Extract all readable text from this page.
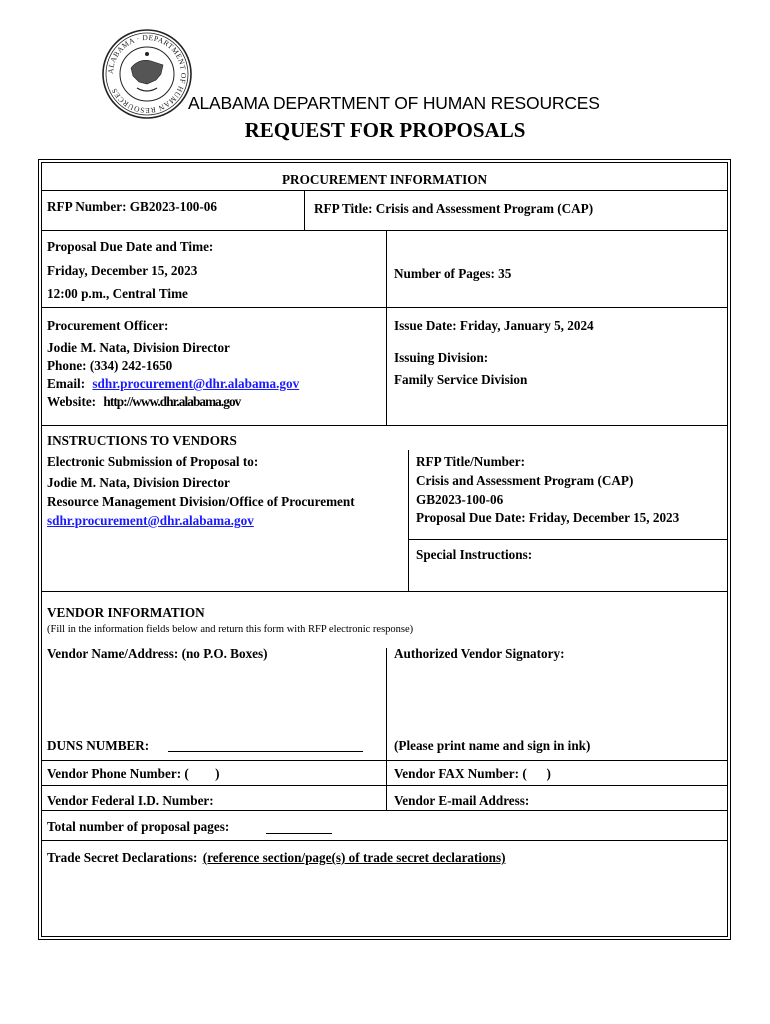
ALABAMA · DEPARTMENT OF HUMAN RESOURCES
ALABAMA DEPARTMENT OF HUMAN RESOURCES
REQUEST FOR PROPOSALS
PROCUREMENT INFORMATION
RFP Number: GB2023-100-06	RFP Title: Crisis and Assessment Program (CAP)
Proposal Due Date and Time:
Friday, December 15, 2023
12:00 p.m., Central Time
Number of Pages: 35
Procurement Officer:
Jodie M. Nata, Division Director
Phone: (334) 242-1650
Email: sdhr.procurement@dhr.alabama.gov
Website: http://www.dhr.alabama.gov
Issue Date: Friday, January 5, 2024
Issuing Division:
Family Service Division
INSTRUCTIONS TO VENDORS
Electronic Submission of Proposal to:
Jodie M. Nata, Division Director
Resource Management Division/Office of Procurement
sdhr.procurement@dhr.alabama.gov
RFP Title/Number:
Crisis and Assessment Program (CAP)
GB2023-100-06
Proposal Due Date: Friday, December 15, 2023
Special Instructions:
VENDOR INFORMATION
(Fill in the information fields below and return this form with RFP electronic response)
Vendor Name/Address: (no P.O. Boxes)	Authorized Vendor Signatory:
DUNS NUMBER:	(Please print name and sign in ink)
Vendor Phone Number: (        )	Vendor FAX Number: (      )
Vendor Federal I.D. Number:	Vendor E-mail Address:
Total number of proposal pages:
Trade Secret Declarations: (reference section/page(s) of trade secret declarations)
